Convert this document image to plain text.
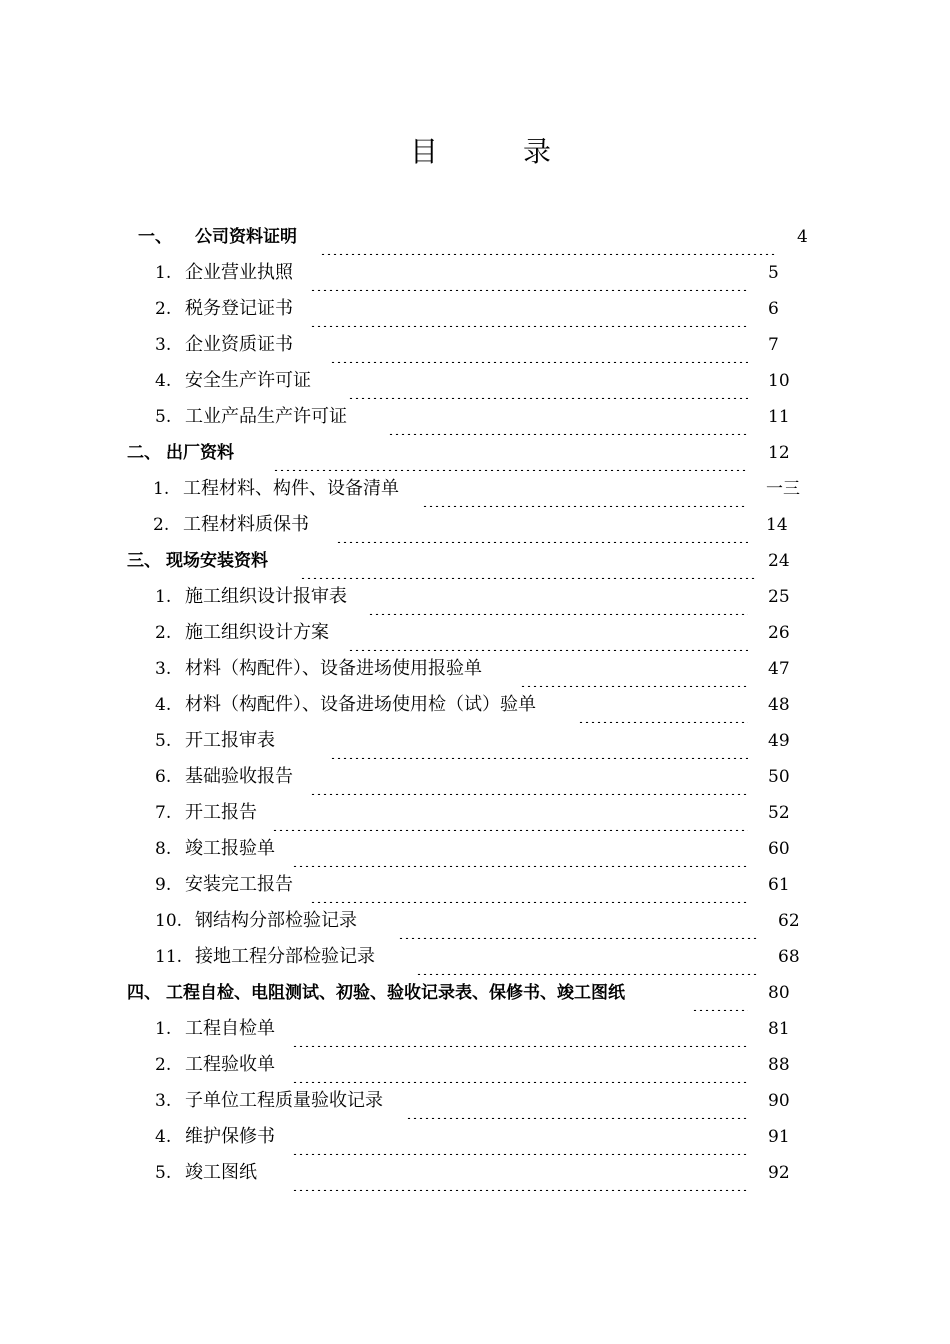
目	录
一、 公司资料证明	4
1. 企业营业执照	5
2. 税务登记证书	6
3. 企业资质证书	7
4. 安全生产许可证	10
5. 工业产品生产许可证	11
二、 出厂资料	12
1. 工程材料、构件、设备清单	一三
2. 工程材料质保书	14
三、 现场安装资料	24
1. 施工组织设计报审表	25
2. 施工组织设计方案	26
3. 材料（构配件）、设备进场使用报验单	47
4. 材料（构配件）、设备进场使用检（试）验单	48
5. 开工报审表	49
6. 基础验收报告	50
7. 开工报告	52
8. 竣工报验单	60
9. 安装完工报告	61
10. 钢结构分部检验记录	62
11. 接地工程分部检验记录	68
四、 工程自检、电阻测试、初验、验收记录表、保修书、竣工图纸	80
1. 工程自检单	81
2. 工程验收单	88
3. 子单位工程质量验收记录	90
4. 维护保修书	91
5. 竣工图纸	92
